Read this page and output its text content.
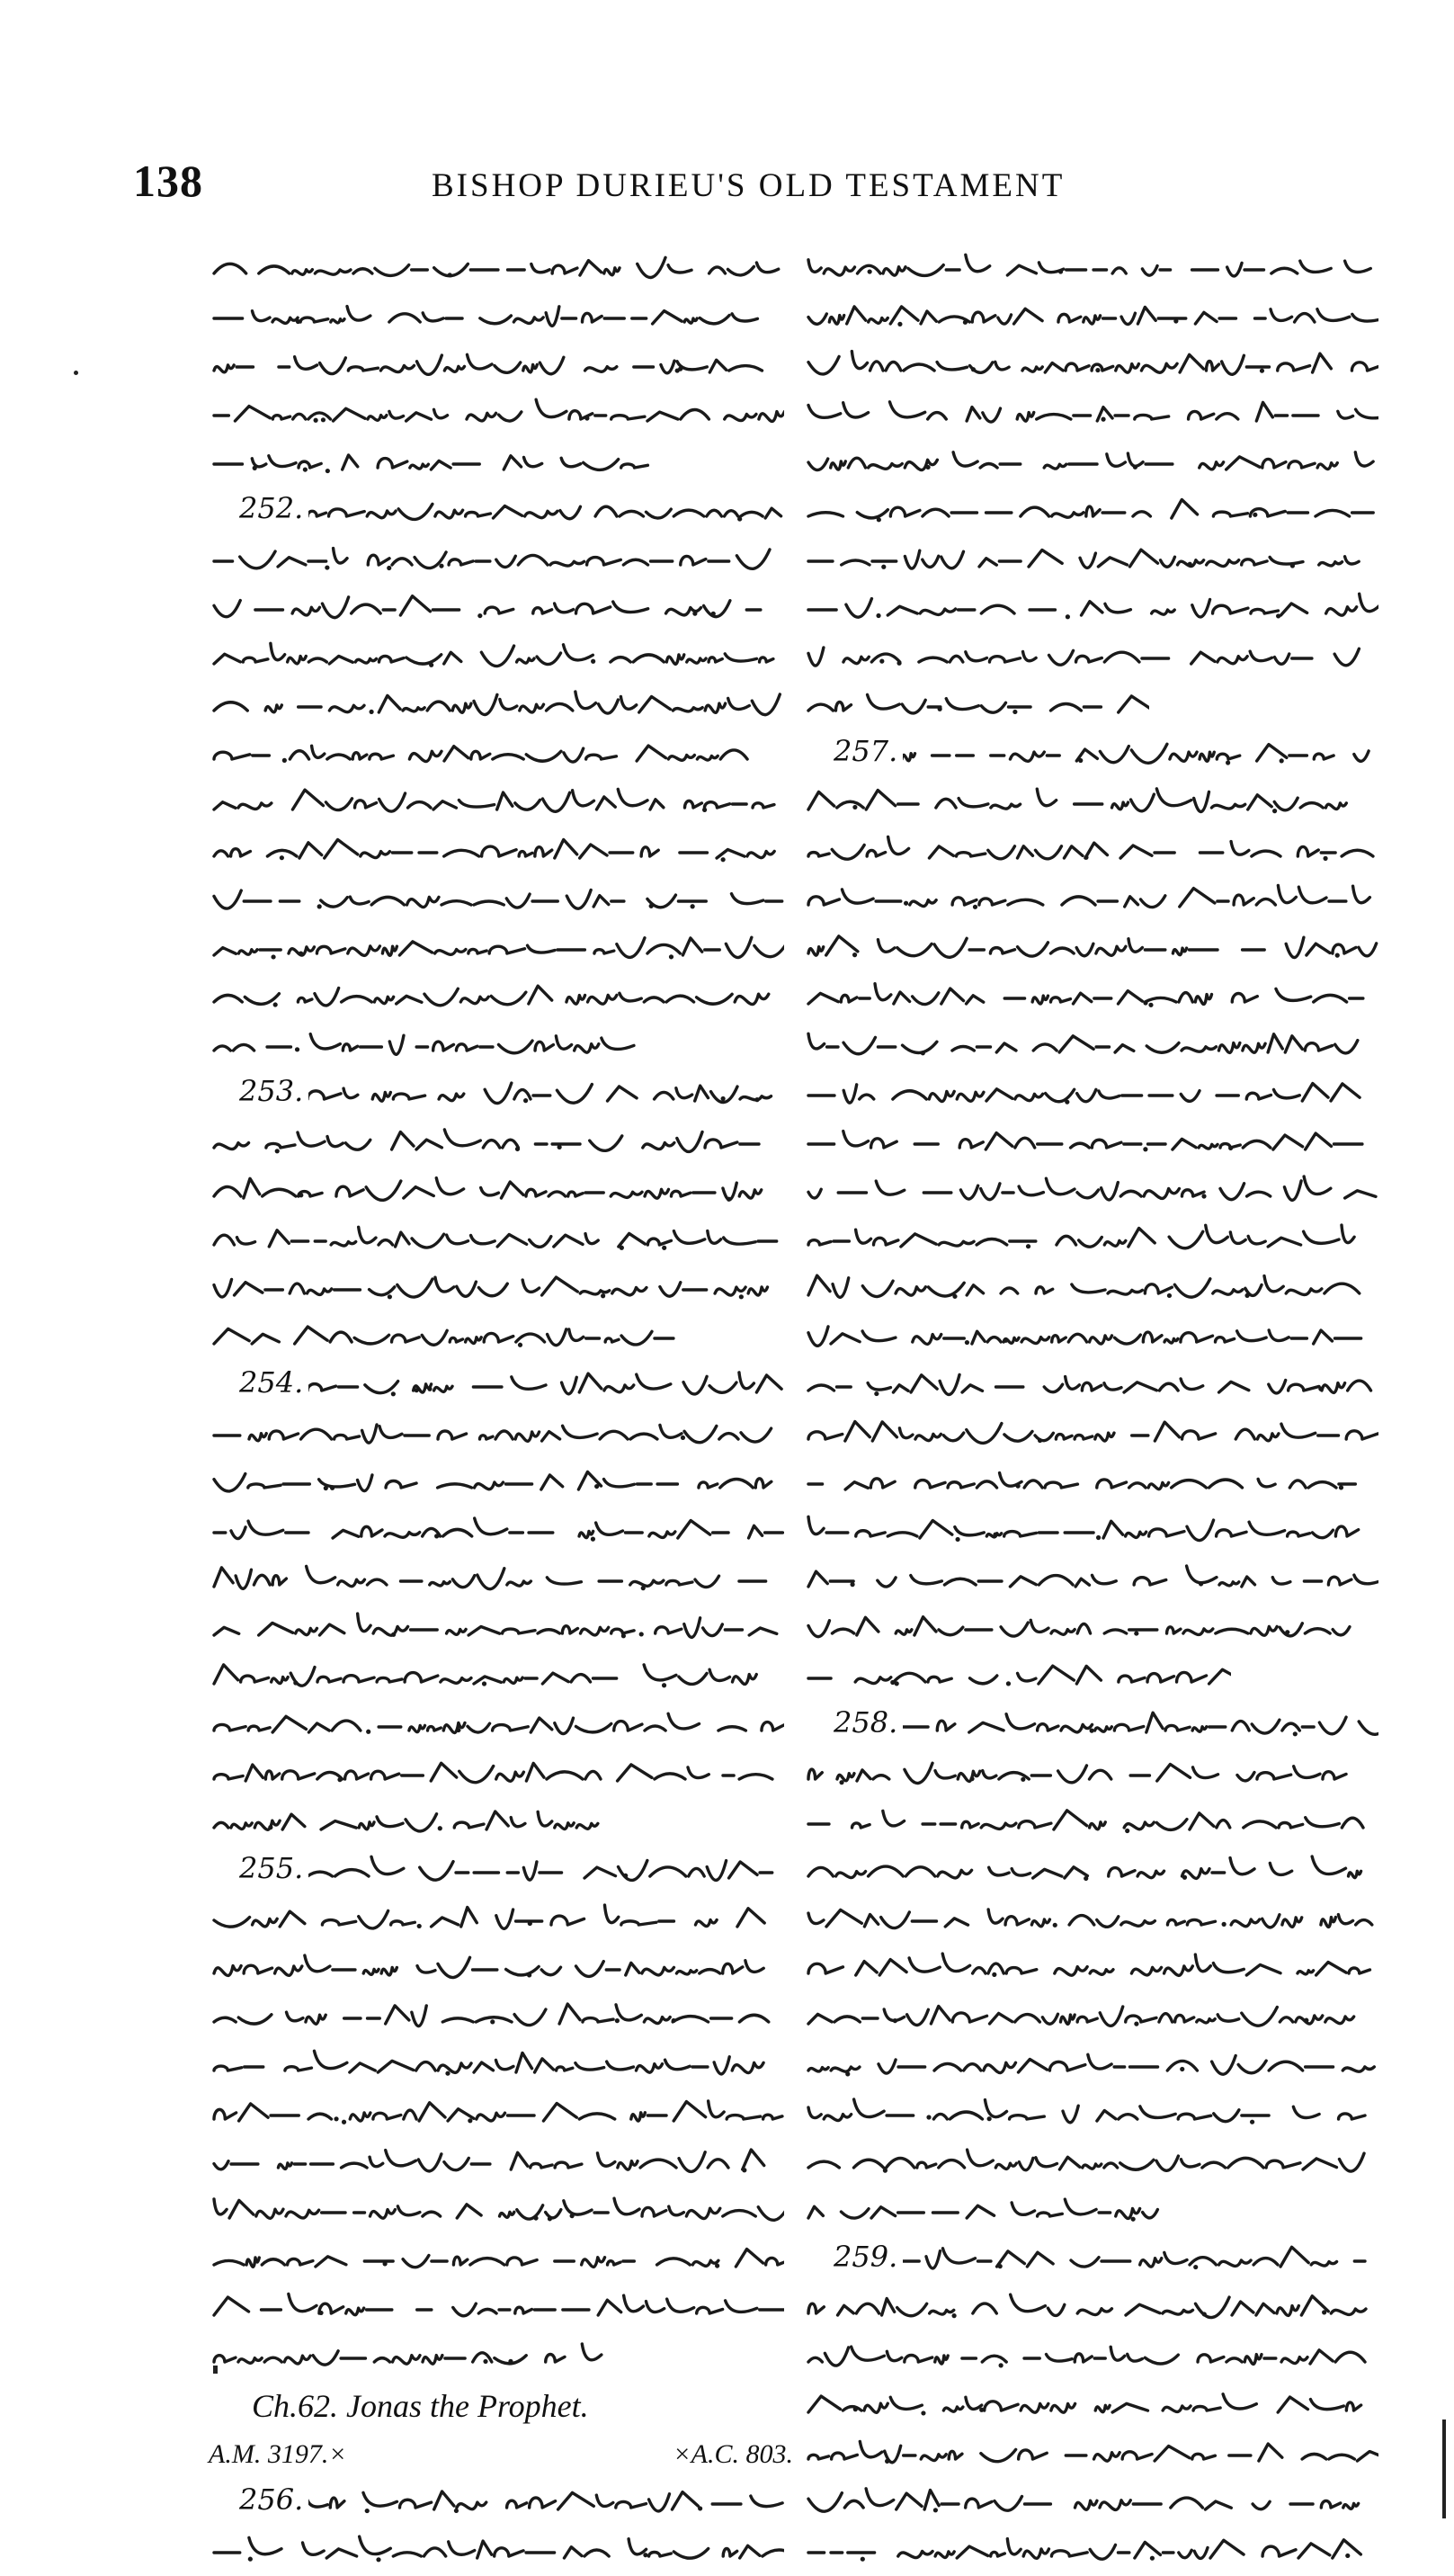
138	BISHOP DURIEU'S OLD TESTAMENT
252.
253.
254.
255.
Ch.62. Jonas the Prophet.
A.M. 3197.×	×A.C. 803.
256.
257.
258.
259.
